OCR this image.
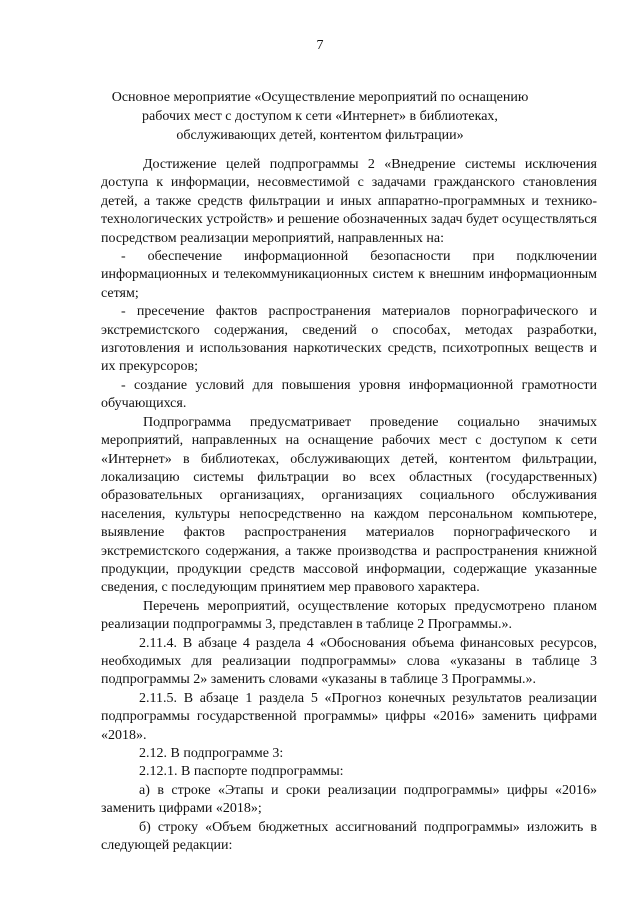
7
Основное мероприятие «Осуществление мероприятий по оснащению рабочих мест с доступом к сети «Интернет» в библиотеках, обслуживающих детей, контентом фильтрации»

Достижение целей подпрограммы 2 «Внедрение системы исключения доступа к информации, несовместимой с задачами гражданского становления детей, а также средств фильтрации и иных аппаратно-программных и технико-технологических устройств» и решение обозначенных задач будет осуществляться посредством реализации мероприятий, направленных на:

- обеспечение информационной безопасности при подключении информационных и телекоммуникационных систем к внешним информационным сетям;

- пресечение фактов распространения материалов порнографического и экстремистского содержания, сведений о способах, методах разработки, изготовления и использования наркотических средств, психотропных веществ и их прекурсоров;

- создание условий для повышения уровня информационной грамотности обучающихся.

Подпрограмма предусматривает проведение социально значимых мероприятий, направленных на оснащение рабочих мест с доступом к сети «Интернет» в библиотеках, обслуживающих детей, контентом фильтрации, локализацию системы фильтрации во всех областных (государственных) образовательных организациях, организациях социального обслуживания населения, культуры непосредственно на каждом персональном компьютере, выявление фактов распространения материалов порнографического и экстремистского содержания, а также производства и распространения книжной продукции, продукции средств массовой информации, содержащие указанные сведения, с последующим принятием мер правового характера.

Перечень мероприятий, осуществление которых предусмотрено планом реализации подпрограммы 3, представлен в таблице 2 Программы.».

2.11.4. В абзаце 4 раздела 4 «Обоснования объема финансовых ресурсов, необходимых для реализации подпрограммы» слова «указаны в таблице 3 подпрограммы 2» заменить словами «указаны в таблице 3 Программы.».

2.11.5. В абзаце 1 раздела 5 «Прогноз конечных результатов реализации подпрограммы государственной программы» цифры «2016» заменить цифрами «2018».

2.12. В подпрограмме 3:

2.12.1. В паспорте подпрограммы:

а) в строке «Этапы и сроки реализации подпрограммы» цифры «2016» заменить цифрами «2018»;

б) строку «Объем бюджетных ассигнований подпрограммы» изложить в следующей редакции:
